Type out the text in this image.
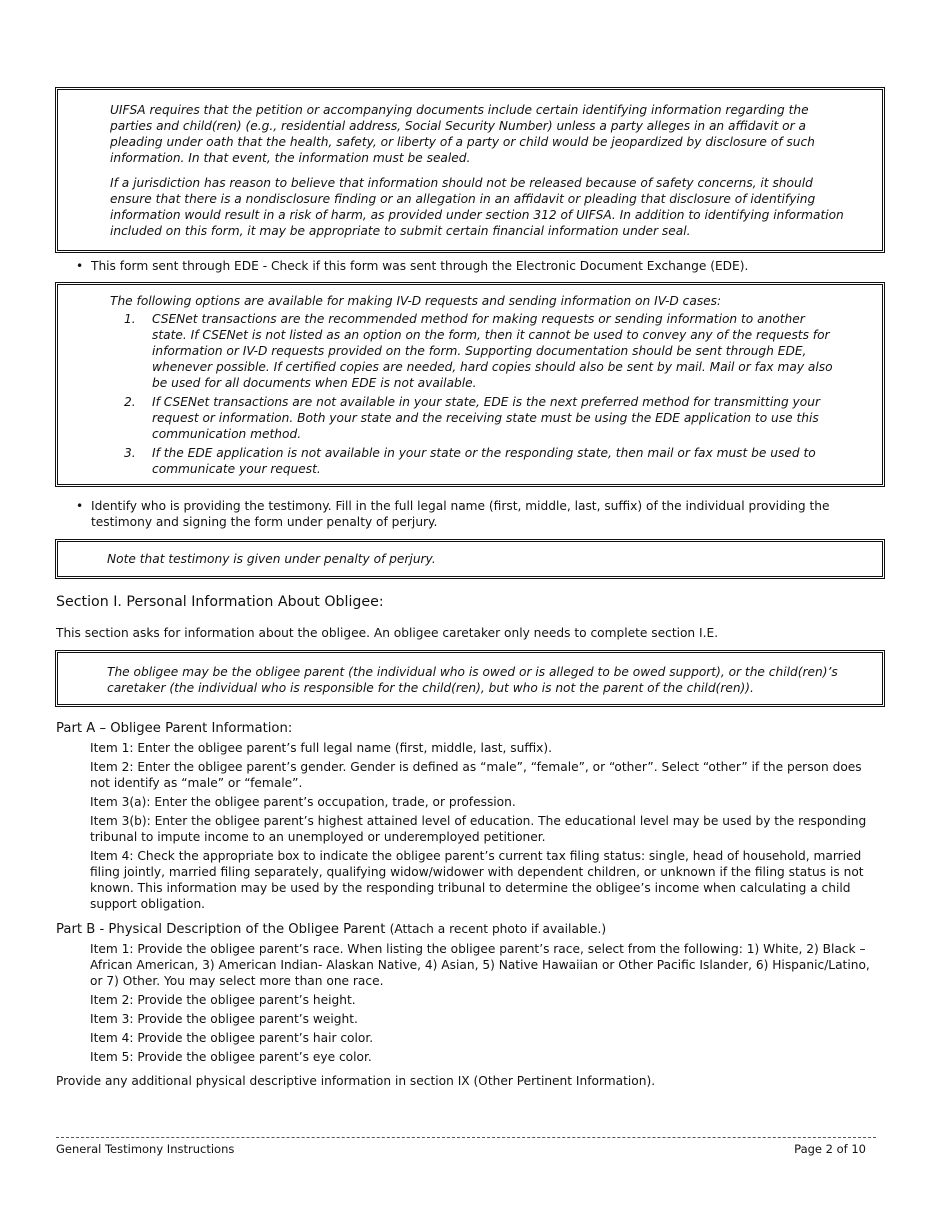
UIFSA requires that the petition or accompanying documents include certain identifying information regarding the parties and child(ren) (e.g., residential address, Social Security Number) unless a party alleges in an affidavit or a pleading under oath that the health, safety, or liberty of a party or child would be jeopardized by disclosure of such information. In that event, the information must be sealed.

If a jurisdiction has reason to believe that information should not be released because of safety concerns, it should ensure that there is a nondisclosure finding or an allegation in an affidavit or pleading that disclosure of identifying information would result in a risk of harm, as provided under section 312 of UIFSA. In addition to identifying information included on this form, it may be appropriate to submit certain financial information under seal.

• This form sent through EDE - Check if this form was sent through the Electronic Document Exchange (EDE).

The following options are available for making IV-D requests and sending information on IV-D cases:

1.	CSENet transactions are the recommended method for making requests or sending information to another state. If CSENet is not listed as an option on the form, then it cannot be used to convey any of the requests for information or IV-D requests provided on the form. Supporting documentation should be sent through EDE, whenever possible. If certified copies are needed, hard copies should also be sent by mail. Mail or fax may also be used for all documents when EDE is not available.
2.	If CSENet transactions are not available in your state, EDE is the next preferred method for transmitting your request or information. Both your state and the receiving state must be using the EDE application to use this communication method.
3.	If the EDE application is not available in your state or the responding state, then mail or fax must be used to communicate your request.
• Identify who is providing the testimony. Fill in the full legal name (first, middle, last, suffix) of the individual providing the testimony and signing the form under penalty of perjury.
Note that testimony is given under penalty of perjury.
Section I. Personal Information About Obligee:
This section asks for information about the obligee. An obligee caretaker only needs to complete section I.E.
The obligee may be the obligee parent (the individual who is owed or is alleged to be owed support), or the child(ren)’s caretaker (the individual who is responsible for the child(ren), but who is not the parent of the child(ren)).
Part A – Obligee Parent Information:
Item 1: Enter the obligee parent’s full legal name (first, middle, last, suffix).
Item 2: Enter the obligee parent’s gender. Gender is defined as “male”, “female”, or “other”. Select “other” if the person does not identify as “male” or “female”.
Item 3(a): Enter the obligee parent’s occupation, trade, or profession.
Item 3(b): Enter the obligee parent’s highest attained level of education. The educational level may be used by the responding tribunal to impute income to an unemployed or underemployed petitioner.
Item 4: Check the appropriate box to indicate the obligee parent’s current tax filing status: single, head of household, married filing jointly, married filing separately, qualifying widow/widower with dependent children, or unknown if the filing status is not known. This information may be used by the responding tribunal to determine the obligee’s income when calculating a child support obligation.
Part B - Physical Description of the Obligee Parent (Attach a recent photo if available.)
Item 1: Provide the obligee parent’s race. When listing the obligee parent’s race, select from the following: 1) White, 2) Black – African American, 3) American Indian- Alaskan Native, 4) Asian, 5) Native Hawaiian or Other Pacific Islander, 6) Hispanic/Latino, or 7) Other. You may select more than one race.
Item 2: Provide the obligee parent’s height.
Item 3: Provide the obligee parent’s weight.
Item 4: Provide the obligee parent’s hair color.
Item 5: Provide the obligee parent’s eye color.
Provide any additional physical descriptive information in section IX (Other Pertinent Information).
General Testimony Instructions	Page 2 of 10
